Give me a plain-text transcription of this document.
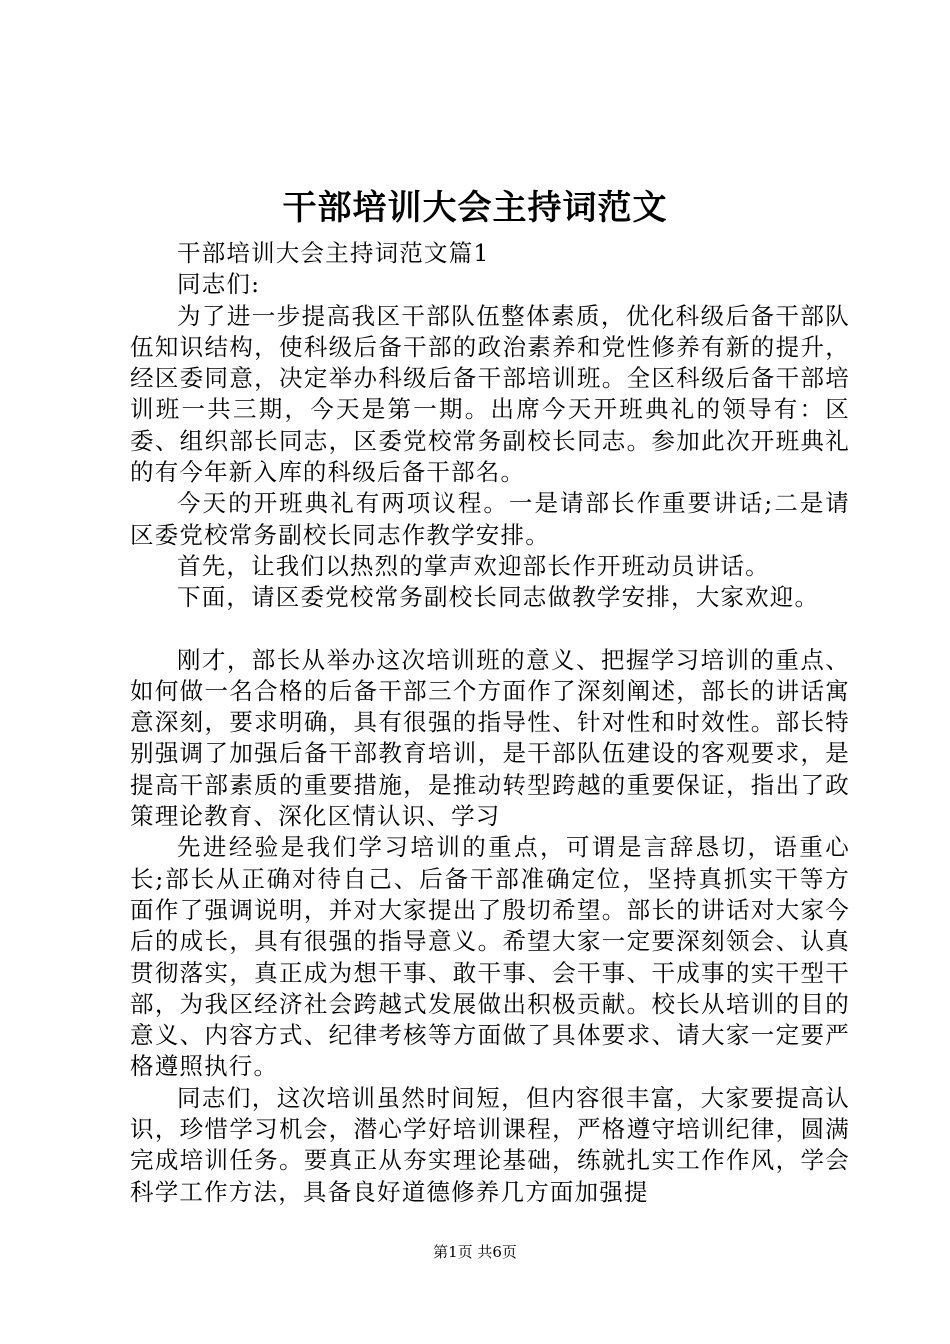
干部培训大会主持词范文

干部培训大会主持词范文篇1

同志们:

为了进一步提高我区干部队伍整体素质，优化科级后备干部队伍知识结构，使科级后备干部的政治素养和党性修养有新的提升，经区委同意，决定举办科级后备干部培训班。全区科级后备干部培训班一共三期，今天是第一期。出席今天开班典礼的领导有：区委、组织部长同志，区委党校常务副校长同志。参加此次开班典礼的有今年新入库的科级后备干部名。

今天的开班典礼有两项议程。一是请部长作重要讲话;二是请区委党校常务副校长同志作教学安排。

首先，让我们以热烈的掌声欢迎部长作开班动员讲话。

下面，请区委党校常务副校长同志做教学安排，大家欢迎。

刚才，部长从举办这次培训班的意义、把握学习培训的重点、如何做一名合格的后备干部三个方面作了深刻阐述，部长的讲话寓意深刻，要求明确，具有很强的指导性、针对性和时效性。部长特别强调了加强后备干部教育培训，是干部队伍建设的客观要求，是提高干部素质的重要措施，是推动转型跨越的重要保证，指出了政策理论教育、深化区情认识、学习

先进经验是我们学习培训的重点，可谓是言辞恳切，语重心长;部长从正确对待自己、后备干部准确定位，坚持真抓实干等方面作了强调说明，并对大家提出了殷切希望。部长的讲话对大家今后的成长，具有很强的指导意义。希望大家一定要深刻领会、认真贯彻落实，真正成为想干事、敢干事、会干事、干成事的实干型干部，为我区经济社会跨越式发展做出积极贡献。校长从培训的目的意义、内容方式、纪律考核等方面做了具体要求、请大家一定要严格遵照执行。

同志们，这次培训虽然时间短，但内容很丰富，大家要提高认识，珍惜学习机会，潜心学好培训课程，严格遵守培训纪律，圆满完成培训任务。要真正从夯实理论基础，练就扎实工作作风，学会科学工作方法，具备良好道德修养几方面加强提

第1页 共6页
